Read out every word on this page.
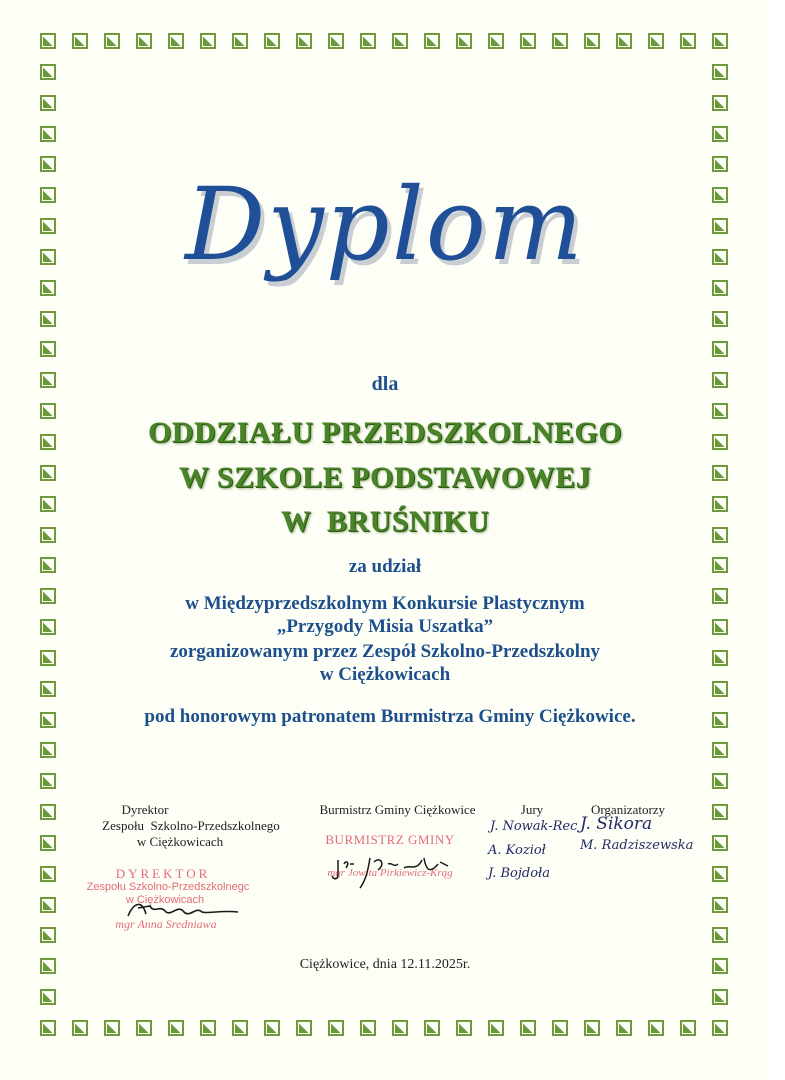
Dyplom
dla
ODDZIAŁU PRZEDSZKOLNEGO
W SZKOLE PODSTAWOWEJ
W  BRUŚNIKU
za udział
w Międzyprzedszkolnym Konkursie Plastycznym
„Przygody Misia Uszatka”
zorganizowanym przez Zespół Szkolno-Przedszkolny
w Ciężkowicach
pod honorowym patronatem Burmistrza Gminy Ciężkowice.
Dyrektor
Zespołu  Szkolno-Przedszkolnego
w Ciężkowicach
DYREKTOR
Zespołu Szkolno-Przedszkolnegc
w Ciężkowicach
mgr Anna Sredniawa
Burmistrz Gminy Ciężkowice
BURMISTRZ GMINY
mgr Jowita Pirkiewicz-Krąg
Jury	Organizatorzy
J. Nowak-Rec J. Sikora
A. Kozioł	M. Radziszewska
J. Bojdoła
Ciężkowice, dnia 12.11.2025r.
